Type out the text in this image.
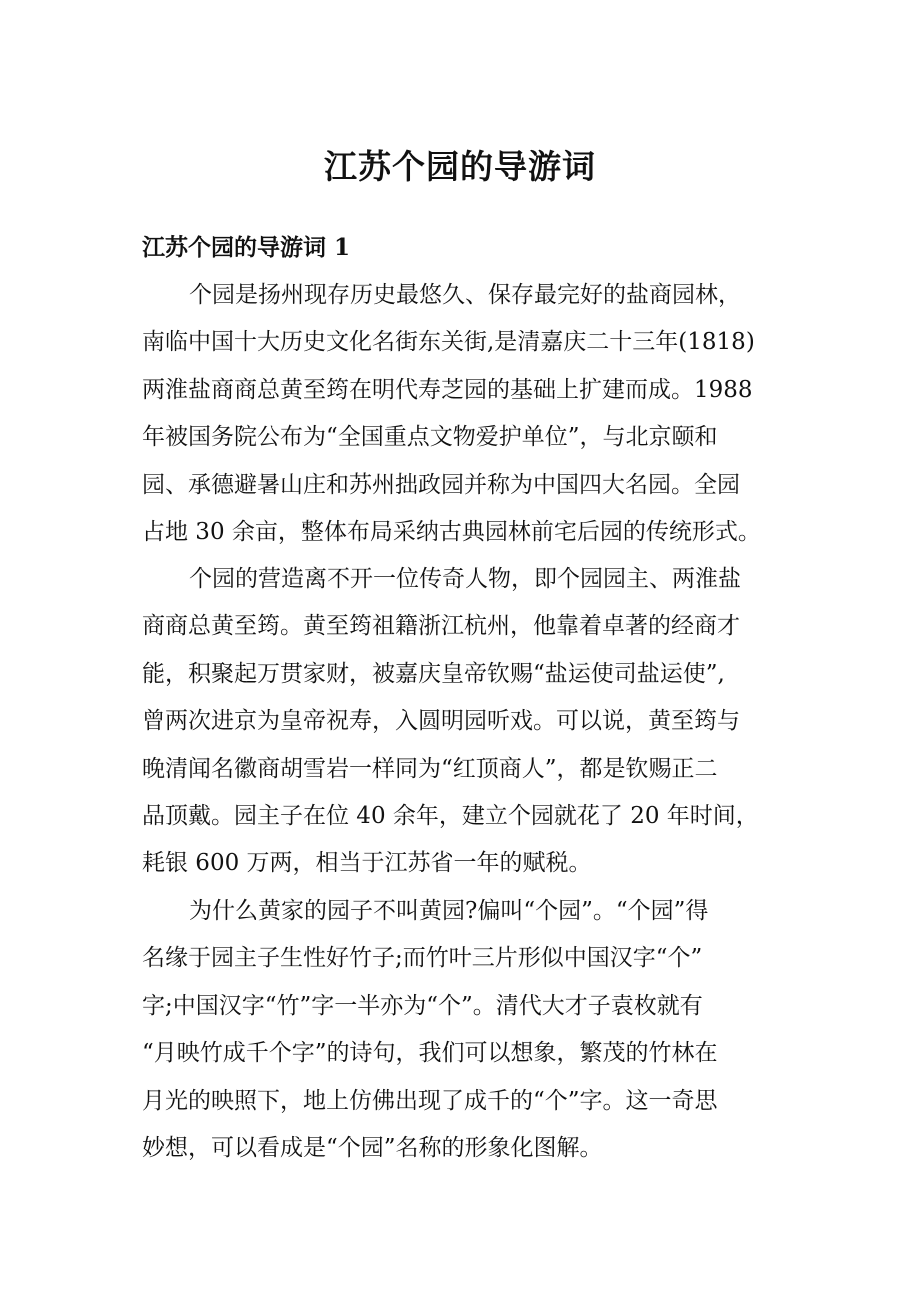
江苏个园的导游词
江苏个园的导游词 1
个园是扬州现存历史最悠久、保存最完好的盐商园林，
南临中国十大历史文化名街东关街,是清嘉庆二十三年(1818)
两淮盐商商总黄至筠在明代寿芝园的基础上扩建而成。1988
年被国务院公布为“全国重点文物爱护单位”，与北京颐和
园、承德避暑山庄和苏州拙政园并称为中国四大名园。全园
占地 30 余亩，整体布局采纳古典园林前宅后园的传统形式。
个园的营造离不开一位传奇人物，即个园园主、两淮盐
商商总黄至筠。黄至筠祖籍浙江杭州，他靠着卓著的经商才
能，积聚起万贯家财，被嘉庆皇帝钦赐“盐运使司盐运使”,
曾两次进京为皇帝祝寿，入圆明园听戏。可以说，黄至筠与
晚清闻名徽商胡雪岩一样同为“红顶商人”，都是钦赐正二
品顶戴。园主子在位 40 余年，建立个园就花了 20 年时间，
耗银 600 万两，相当于江苏省一年的赋税。
为什么黄家的园子不叫黄园?偏叫“个园”。“个园”得
名缘于园主子生性好竹子;而竹叶三片形似中国汉字“个”
字;中国汉字“竹”字一半亦为“个”。清代大才子袁枚就有
“月映竹成千个字”的诗句，我们可以想象，繁茂的竹林在
月光的映照下，地上仿佛出现了成千的“个”字。这一奇思
妙想，可以看成是“个园”名称的形象化图解。
